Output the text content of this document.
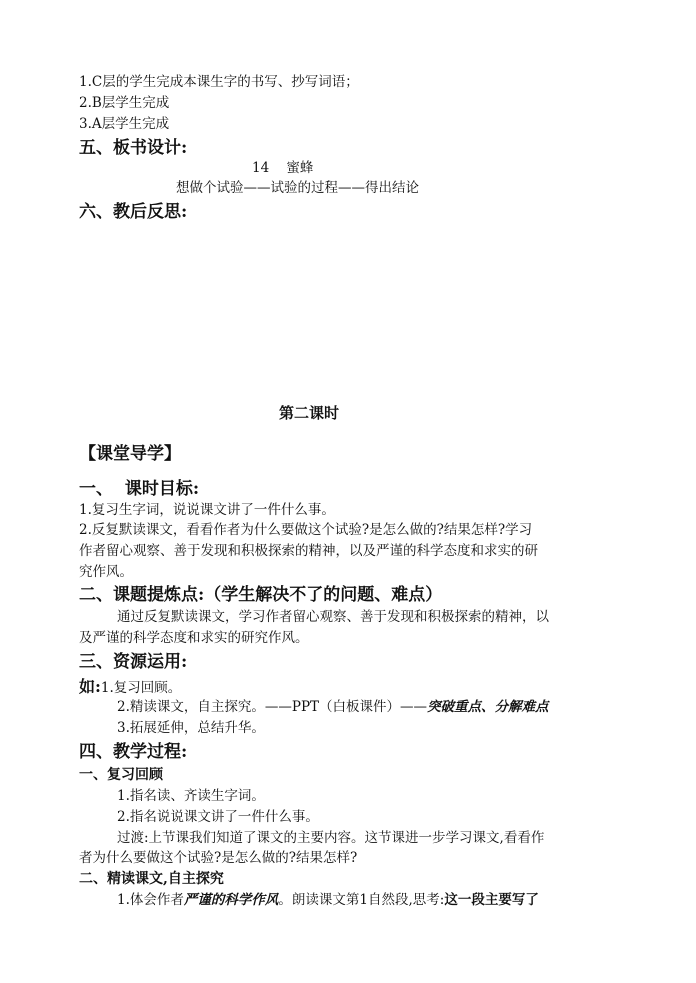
1.C层的学生完成本课生字的书写、抄写词语；
2.B层学生完成
3.A层学生完成
五、板书设计:
14    蜜蜂
想做个试验——试验的过程——得出结论
六、教后反思:
第二课时
【课堂导学】
一、  课时目标:
1.复习生字词，说说课文讲了一件什么事。
2.反复默读课文，看看作者为什么要做这个试验?是怎么做的?结果怎样?学习
作者留心观察、善于发现和积极探索的精神，以及严谨的科学态度和求实的研
究作风。
二、课题提炼点:（学生解决不了的问题、难点）
通过反复默读课文，学习作者留心观察、善于发现和积极探索的精神，以
及严谨的科学态度和求实的研究作风。
三、资源运用:
如:1.复习回顾。
2.精读课文，自主探究。——PPT（白板课件）——突破重点、分解难点
3.拓展延伸，总结升华。
四、教学过程:
一、复习回顾
1.指名读、齐读生字词。
2.指名说说课文讲了一件什么事。
过渡:上节课我们知道了课文的主要内容。这节课进一步学习课文,看看作
者为什么要做这个试验?是怎么做的?结果怎样?
二、精读课文,自主探究
1.体会作者严谨的科学作风。朗读课文第1自然段,思考:这一段主要写了
